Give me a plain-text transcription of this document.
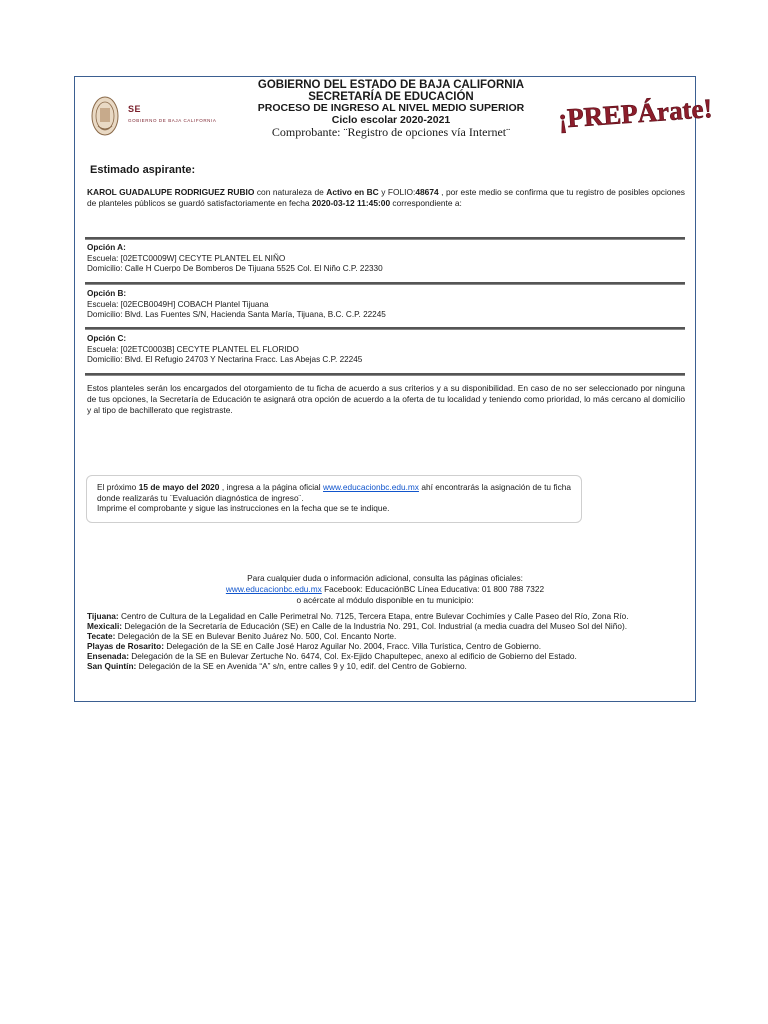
SE
GOBIERNO DE BAJA CALIFORNIA
GOBIERNO DEL ESTADO DE BAJA CALIFORNIA
SECRETARÍA DE EDUCACIÓN
PROCESO DE INGRESO AL NIVEL MEDIO SUPERIOR
Ciclo escolar 2020-2021
Comprobante: ¨Registro de opciones vía Internet¨	¡PREPÁrate!
Estimado aspirante:
KAROL GUADALUPE RODRIGUEZ RUBIO con naturaleza de Activo en BC y FOLIO:48674 , por este medio se confirma que tu registro de posibles opciones de planteles públicos se guardó satisfactoriamente en fecha 2020-03-12 11:45:00 correspondiente a:
Opción A:
Escuela: [02ETC0009W] CECYTE PLANTEL EL NIÑO
Domicilio: Calle H Cuerpo De Bomberos De Tijuana 5525 Col. El Niño C.P. 22330
Opción B:
Escuela: [02ECB0049H] COBACH Plantel Tijuana
Domicilio: Blvd. Las Fuentes S/N, Hacienda Santa María, Tijuana, B.C. C.P. 22245
Opción C:
Escuela: [02ETC0003B] CECYTE PLANTEL EL FLORIDO
Domicilio: Blvd. El Refugio 24703 Y Nectarina Fracc. Las Abejas C.P. 22245
Estos planteles serán los encargados del otorgamiento de tu ficha de acuerdo a sus criterios y a su disponibilidad. En caso de no ser seleccionado por ninguna de tus opciones, la Secretaría de Educación te asignará otra opción de acuerdo a la oferta de tu localidad y teniendo como prioridad, lo más cercano al domicilio y al tipo de bachillerato que registraste.
El próximo 15 de mayo del 2020 , ingresa a la página oficial www.educacionbc.edu.mx ahí encontrarás la asignación de tu ficha donde realizarás tu ¨Evaluación diagnóstica de ingreso¨.
Imprime el comprobante y sigue las instrucciones en la fecha que se te indique.
Para cualquier duda o información adicional, consulta las páginas oficiales:
www.educacionbc.edu.mx Facebook: EducaciónBC Línea Educativa: 01 800 788 7322
o acércate al módulo disponible en tu municipio:

Tijuana: Centro de Cultura de la Legalidad en Calle Perimetral No. 7125, Tercera Etapa, entre Bulevar Cochimíes y Calle Paseo del Río, Zona Río.

Mexicali: Delegación de la Secretaría de Educación (SE) en Calle de la Industria No. 291, Col. Industrial (a media cuadra del Museo Sol del Niño).

Tecate: Delegación de la SE en Bulevar Benito Juárez No. 500, Col. Encanto Norte.

Playas de Rosarito: Delegación de la SE en Calle José Haroz Aguilar No. 2004, Fracc. Villa Turística, Centro de Gobierno.

Ensenada: Delegación de la SE en Bulevar Zertuche No. 6474, Col. Ex-Ejido Chapultepec, anexo al edificio de Gobierno del Estado.

San Quintín: Delegación de la SE en Avenida “A” s/n, entre calles 9 y 10, edif. del Centro de Gobierno.
